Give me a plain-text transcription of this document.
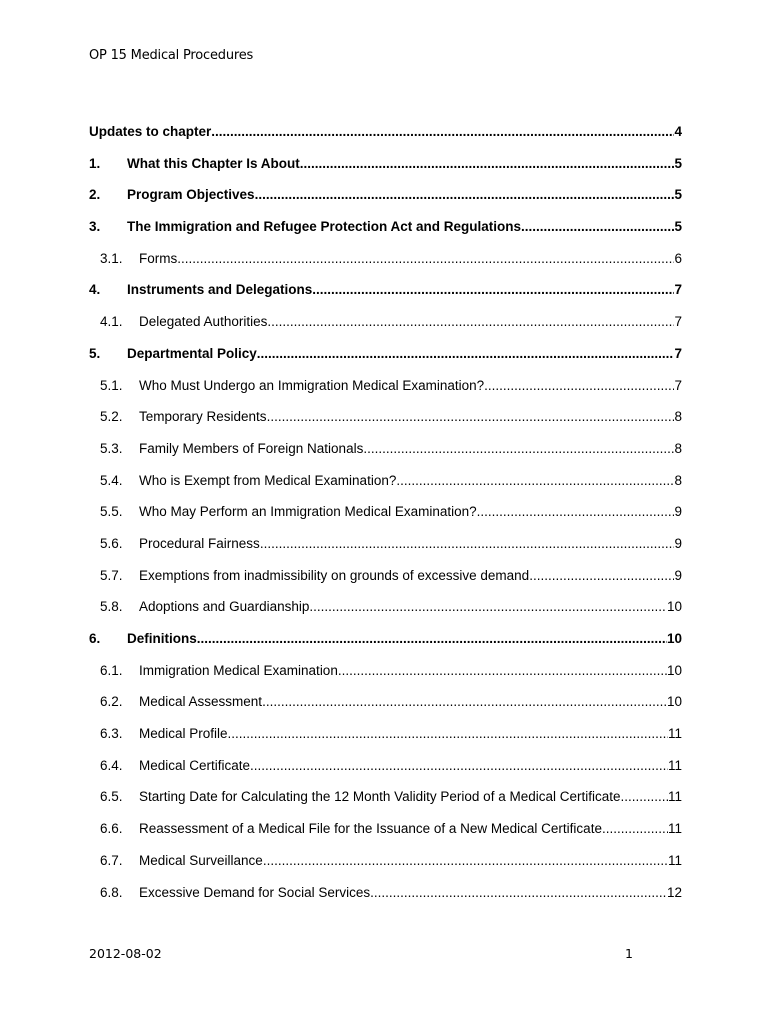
OP 15 Medical Procedures
Updates to chapter .....	4
1.	What this Chapter Is About .....	5
2.	Program Objectives .....	5
3.	The Immigration and Refugee Protection Act and Regulations .....	5
3.1.	Forms .....	6
4.	Instruments and Delegations .....	7
4.1.	Delegated Authorities .....	7
5.	Departmental Policy .....	7
5.1.	Who Must Undergo an Immigration Medical Examination? .....	7
5.2.	Temporary Residents .....	8
5.3.	Family Members of Foreign Nationals .....	8
5.4.	Who is Exempt from Medical Examination? .....	8
5.5.	Who May Perform an Immigration Medical Examination? .....	9
5.6.	Procedural Fairness .....	9
5.7.	Exemptions from inadmissibility on grounds of excessive demand .....	9
5.8.	Adoptions and Guardianship .....	10
6.	Definitions .....	10
6.1.	Immigration Medical Examination .....	10
6.2.	Medical Assessment .....	10
6.3.	Medical Profile .....	11
6.4.	Medical Certificate .....	11
6.5.	Starting Date for Calculating the 12 Month Validity Period of a Medical Certificate .....	11
6.6.	Reassessment of a Medical File for the Issuance of a New Medical Certificate .....	11
6.7.	Medical Surveillance .....	11
6.8.	Excessive Demand for Social Services .....	12
2012-08-02	1
